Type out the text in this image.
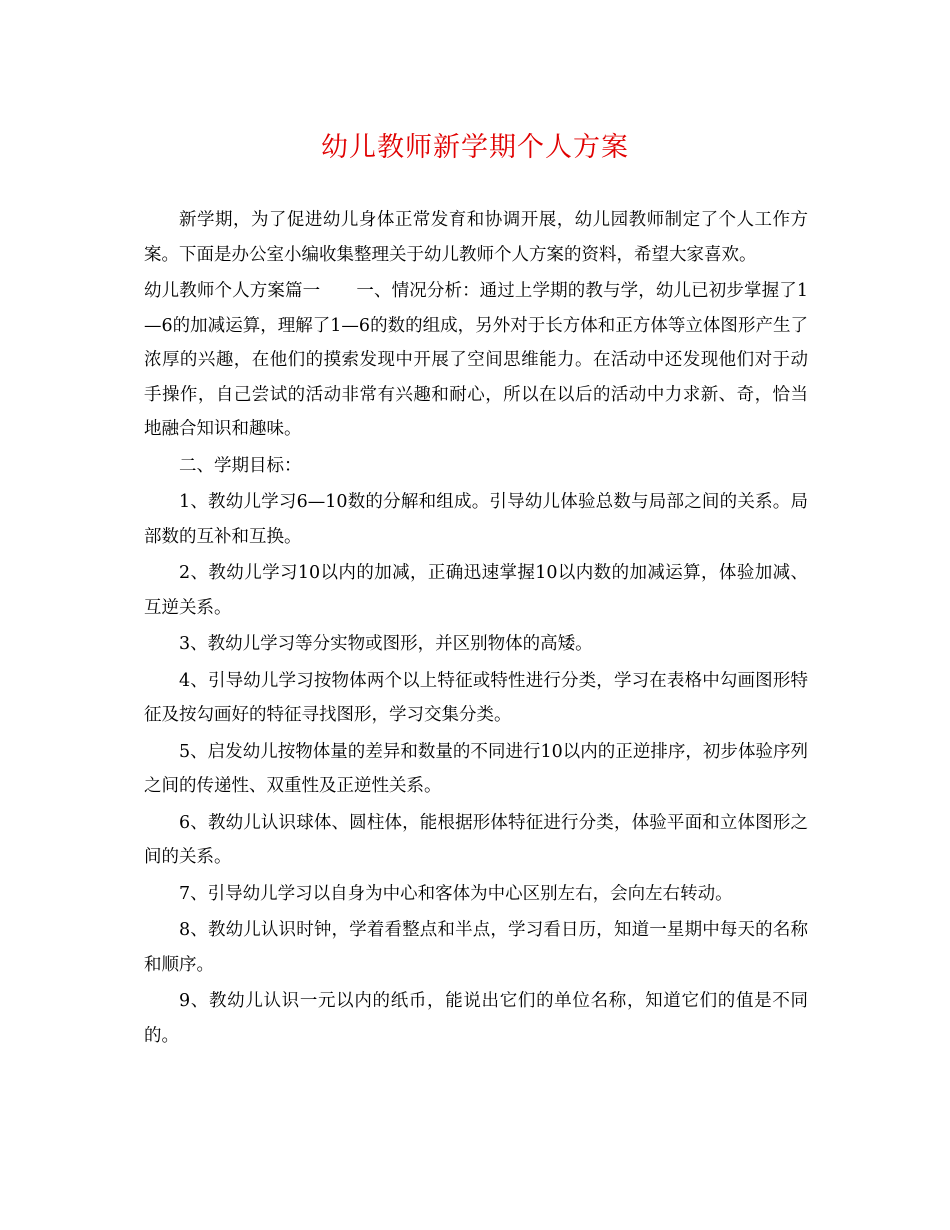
幼儿教师新学期个人方案

新学期，为了促进幼儿身体正常发育和协调开展，幼儿园教师制定了个人工作方案。下面是办公室小编收集整理关于幼儿教师个人方案的资料，希望大家喜欢。

幼儿教师个人方案篇一 一、情况分析：通过上学期的教与学，幼儿已初步掌握了1—6的加减运算，理解了1—6的数的组成，另外对于长方体和正方体等立体图形产生了浓厚的兴趣，在他们的摸索发现中开展了空间思维能力。在活动中还发现他们对于动手操作，自己尝试的活动非常有兴趣和耐心，所以在以后的活动中力求新、奇，恰当地融合知识和趣味。

二、学期目标：

1、教幼儿学习6—10数的分解和组成。引导幼儿体验总数与局部之间的关系。局部数的互补和互换。

2、教幼儿学习10以内的加减，正确迅速掌握10以内数的加减运算，体验加减、互逆关系。

3、教幼儿学习等分实物或图形，并区别物体的高矮。

4、引导幼儿学习按物体两个以上特征或特性进行分类，学习在表格中勾画图形特征及按勾画好的特征寻找图形，学习交集分类。

5、启发幼儿按物体量的差异和数量的不同进行10以内的正逆排序，初步体验序列之间的传递性、双重性及正逆性关系。

6、教幼儿认识球体、圆柱体，能根据形体特征进行分类，体验平面和立体图形之间的关系。

7、引导幼儿学习以自身为中心和客体为中心区别左右，会向左右转动。

8、教幼儿认识时钟，学着看整点和半点，学习看日历，知道一星期中每天的名称和顺序。

9、教幼儿认识一元以内的纸币，能说出它们的单位名称，知道它们的值是不同的。
